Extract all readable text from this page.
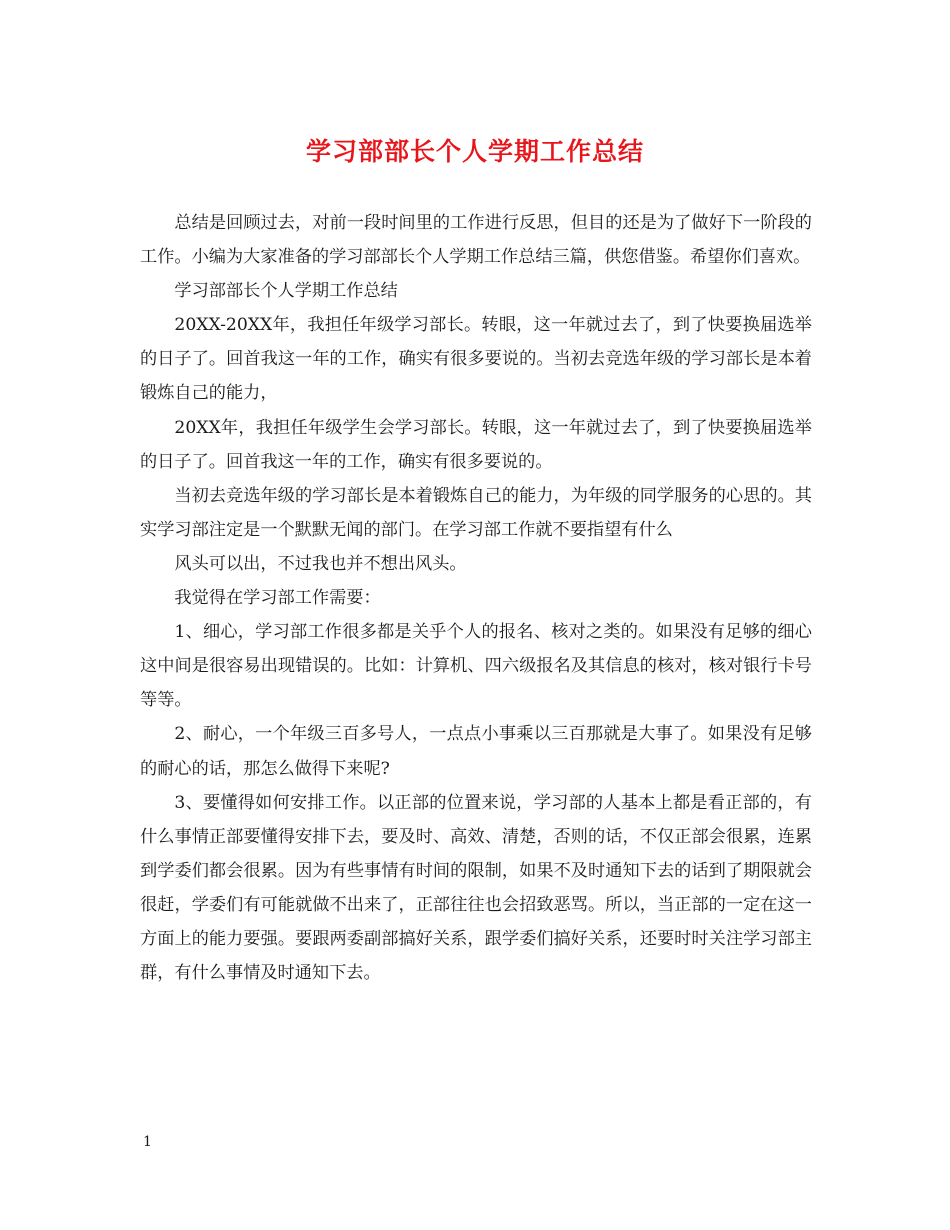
学习部部长个人学期工作总结

总结是回顾过去，对前一段时间里的工作进行反思，但目的还是为了做好下一阶段的工作。小编为大家准备的学习部部长个人学期工作总结三篇，供您借鉴。希望你们喜欢。

学习部部长个人学期工作总结

20XX-20XX年，我担任年级学习部长。转眼，这一年就过去了，到了快要换届选举的日子了。回首我这一年的工作，确实有很多要说的。当初去竞选年级的学习部长是本着锻炼自己的能力，

20XX年，我担任年级学生会学习部长。转眼，这一年就过去了，到了快要换届选举的日子了。回首我这一年的工作，确实有很多要说的。

当初去竞选年级的学习部长是本着锻炼自己的能力，为年级的同学服务的心思的。其实学习部注定是一个默默无闻的部门。在学习部工作就不要指望有什么

风头可以出，不过我也并不想出风头。

我觉得在学习部工作需要：

1、细心，学习部工作很多都是关乎个人的报名、核对之类的。如果没有足够的细心这中间是很容易出现错误的。比如：计算机、四六级报名及其信息的核对，核对银行卡号等等。

2、耐心，一个年级三百多号人，一点点小事乘以三百那就是大事了。如果没有足够的耐心的话，那怎么做得下来呢?

3、要懂得如何安排工作。以正部的位置来说，学习部的人基本上都是看正部的，有什么事情正部要懂得安排下去，要及时、高效、清楚，否则的话，不仅正部会很累，连累到学委们都会很累。因为有些事情有时间的限制，如果不及时通知下去的话到了期限就会很赶，学委们有可能就做不出来了，正部往往也会招致恶骂。所以，当正部的一定在这一方面上的能力要强。要跟两委副部搞好关系，跟学委们搞好关系，还要时时关注学习部主群，有什么事情及时通知下去。

1
